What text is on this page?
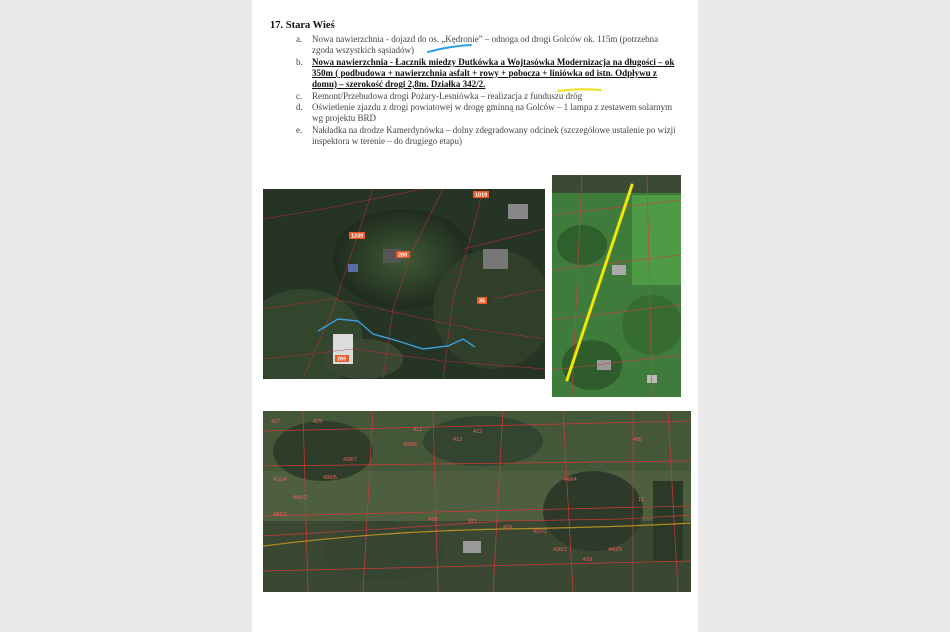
17. Stara Wieś
a. Nowa nawierzchnia - dojazd do os. „Kędronie” – odnoga od drogi Golców ok. 115m (potrzebna zgoda wszystkich sąsiadów)
b. Nowa nawierzchnia - Łacznik miedzy Dutkówka a Wojtasówka Modernizacja na długości – ok 350m ( podbudowa + nawierzchnia asfalt + rowy + pobocza + liniówka od istn. Odpływu z domu) – szerokość drogi 2,8m. Działka 342/2.
c. Remont/Przebudowa drogi Pożary-Lesniówka – realizacja z funduszu dróg
d. Oświetlenie zjazdu z drogi powiatowej w drogę gminną na Golców – 1 lampa z zestawem solarnym wg projektu BRD
e. Nakładka na drodze Kamerdynówka – dolny zdegradowany odcinek (szczegółowe ustalenie po wizji inspektora w terenie – do drugiego etapu)
1249
288
1019
35
269
427	429
412
439/6
413
412
438/7
439/5
416/4
440/2
441/3
449/4
455
12
478	377
429
427/1
430/1
433
440/3
